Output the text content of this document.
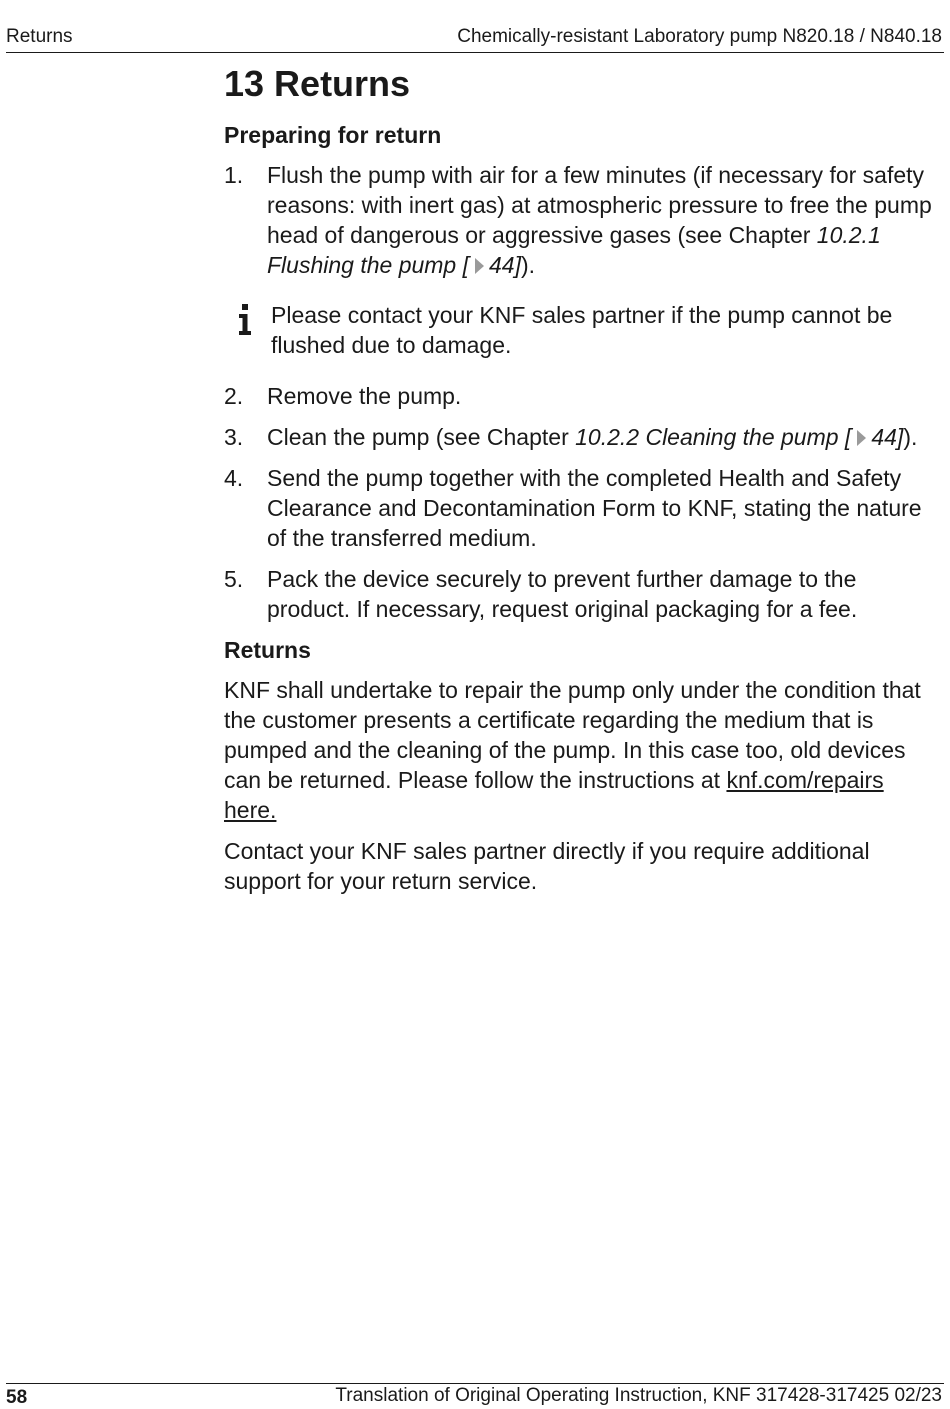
Returns	Chemically-resistant Laboratory pump N820.18 / N840.18
13 Returns
Preparing for return
1. Flush the pump with air for a few minutes (if necessary for safety reasons: with inert gas) at atmospheric pressure to free the pump head of dangerous or aggressive gases (see Chapter 10.2.1 Flushing the pump [ 44]).
Please contact your KNF sales partner if the pump cannot be flushed due to damage.
2. Remove the pump.
3. Clean the pump (see Chapter 10.2.2 Cleaning the pump [ 44]).
4. Send the pump together with the completed Health and Safety Clearance and Decontamination Form to KNF, stating the nature of the transferred medium.
5. Pack the device securely to prevent further damage to the product. If necessary, request original packaging for a fee.
Returns

KNF shall undertake to repair the pump only under the condition that the customer presents a certificate regarding the medium that is pumped and the cleaning of the pump. In this case too, old devices can be returned. Please follow the instructions at knf.com/repairs here.

Contact your KNF sales partner directly if you require additional support for your return service.

58	Translation of Original Operating Instruction, KNF 317428-317425 02/23
